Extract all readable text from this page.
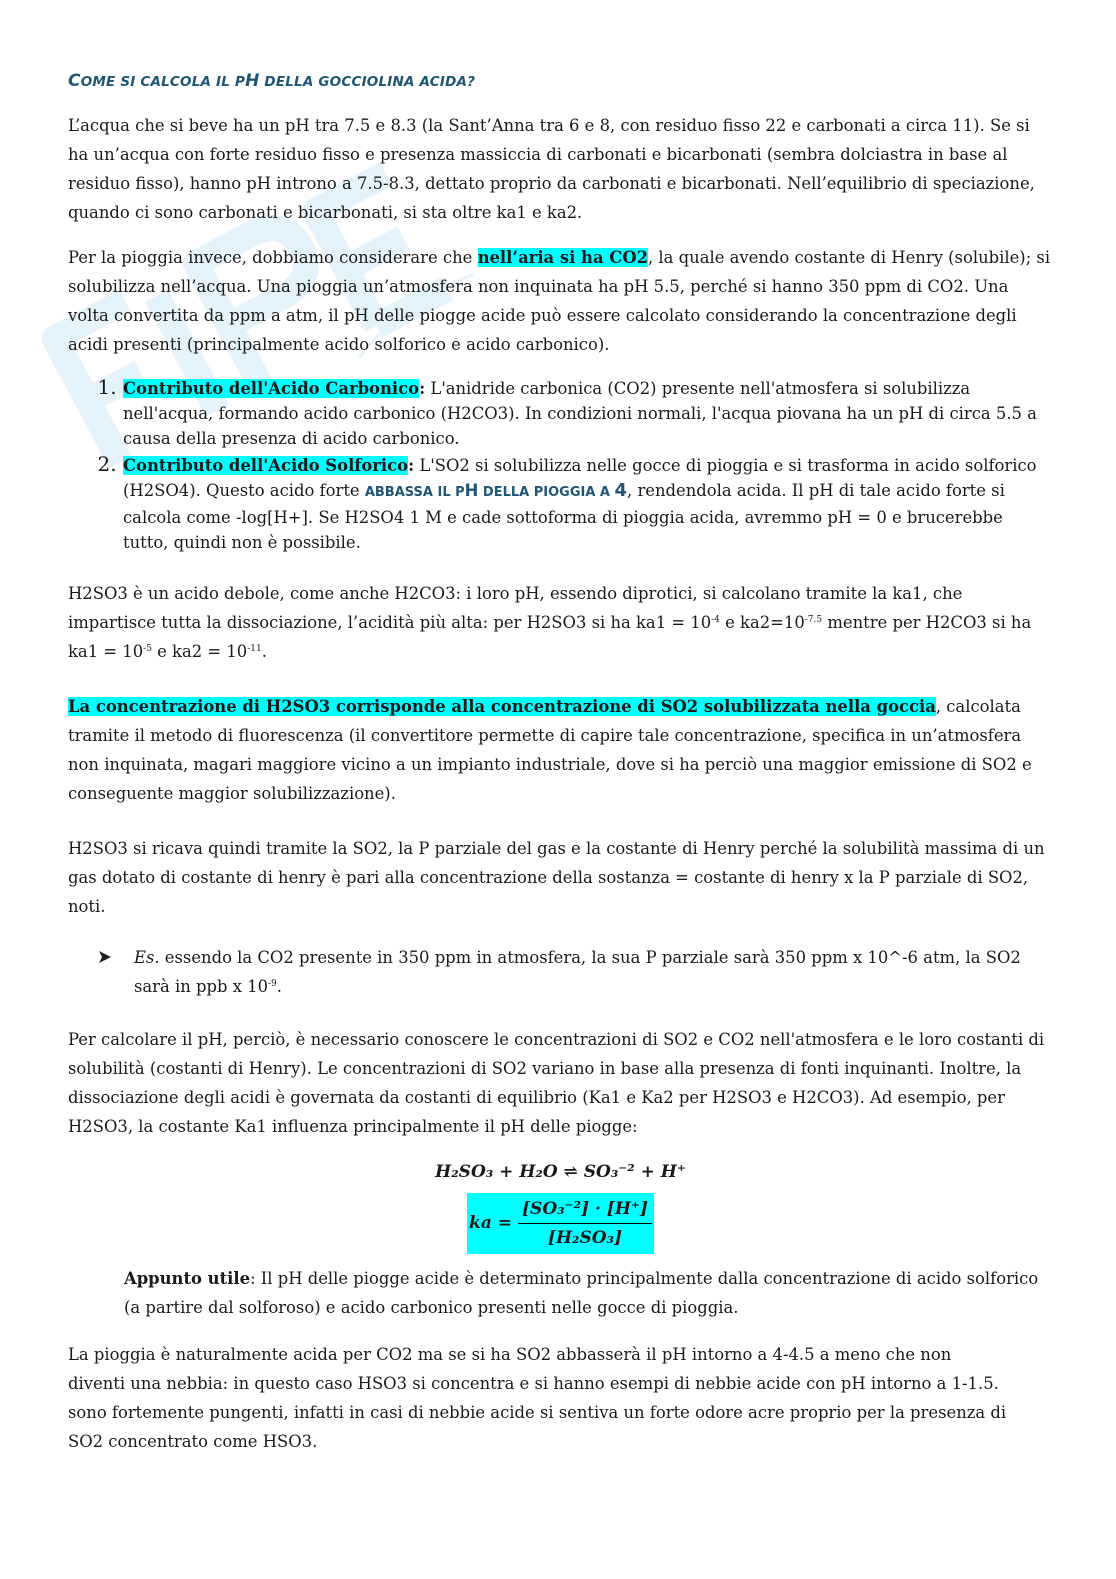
COME SI CALCOLA IL PH DELLA GOCCIOLINA ACIDA?

L’acqua che si beve ha un pH tra 7.5 e 8.3 (la Sant’Anna tra 6 e 8, con residuo fisso 22 e carbonati a circa 11). Se si ha un’acqua con forte residuo fisso e presenza massiccia di carbonati e bicarbonati (sembra dolciastra in base al residuo fisso), hanno pH introno a 7.5-8.3, dettato proprio da carbonati e bicarbonati. Nell’equilibrio di speciazione, quando ci sono carbonati e bicarbonati, si sta oltre ka1 e ka2.

Per la pioggia invece, dobbiamo considerare che nell’aria si ha CO2, la quale avendo costante di Henry (solubile); si solubilizza nell’acqua. Una pioggia un’atmosfera non inquinata ha pH 5.5, perché si hanno 350 ppm di CO2. Una volta convertita da ppm a atm, il pH delle piogge acide può essere calcolato considerando la concentrazione degli acidi presenti (principalmente acido solforico e acido carbonico).

1. Contributo dell'Acido Carbonico: L'anidride carbonica (CO2) presente nell'atmosfera si solubilizza nell'acqua, formando acido carbonico (H2CO3). In condizioni normali, l'acqua piovana ha un pH di circa 5.5 a causa della presenza di acido carbonico.
2. Contributo dell'Acido Solforico: L'SO2 si solubilizza nelle gocce di pioggia e si trasforma in acido solforico (H2SO4). Questo acido forte ABBASSA IL PH DELLA PIOGGIA A 4, rendendola acida. Il pH di tale acido forte si calcola come -log[H+]. Se H2SO4 1 M e cade sottoforma di pioggia acida, avremmo pH = 0 e brucerebbe tutto, quindi non è possibile.

H2SO3 è un acido debole, come anche H2CO3: i loro pH, essendo diprotici, si calcolano tramite la ka1, che impartisce tutta la dissociazione, l’acidità più alta: per H2SO3 si ha $ka1 = 10^{-4}$ e $ka2=10^{-7.5}$ mentre per H2CO3 si ha $ka1 = 10^{-5}$ e $ka2 = 10^{-11}$.

La concentrazione di H2SO3 corrisponde alla concentrazione di SO2 solubilizzata nella goccia, calcolata tramite il metodo di fluorescenza (il convertitore permette di capire tale concentrazione, specifica in un’atmosfera non inquinata, magari maggiore vicino a un impianto industriale, dove si ha perciò una maggior emissione di SO2 e conseguente maggior solubilizzazione).

H2SO3 si ricava quindi tramite la SO2, la P parziale del gas e la costante di Henry perché la solubilità massima di un gas dotato di costante di henry è pari alla concentrazione della sostanza = costante di henry x la P parziale di SO2, noti.

Es. essendo la CO2 presente in 350 ppm in atmosfera, la sua P parziale sarà 350 ppm x 10^-6 atm, la SO2 sarà in ppb x $10^{-9}$.

Per calcolare il pH, perciò, è necessario conoscere le concentrazioni di SO2 e CO2 nell'atmosfera e le loro costanti di solubilità (costanti di Henry). Le concentrazioni di SO2 variano in base alla presenza di fonti inquinanti. Inoltre, la dissociazione degli acidi è governata da costanti di equilibrio (Ka1 e Ka2 per H2SO3 e H2CO3). Ad esempio, per H2SO3, la costante Ka1 influenza principalmente il pH delle piogge:

H₂SO₃ + H₂O ⇌ SO₃⁻² + H⁺

ka = $\frac{\text{[SO₃⁻²] · [H⁺]}}{\text{[H₂SO₃]}}$

Appunto utile: Il pH delle piogge acide è determinato principalmente dalla concentrazione di acido solforico (a partire dal solforoso) e acido carbonico presenti nelle gocce di pioggia.

La pioggia è naturalmente acida per CO2 ma se si ha SO2 abbasserà il pH intorno a 4-4.5 a meno che non
diventi una nebbia: in questo caso HSO3 si concentra e si hanno esempi di nebbie acide con pH intorno a 1-1.5.
sono fortemente pungenti, infatti in casi di nebbie acide si sentiva un forte odore acre proprio per la presenza di
SO2 concentrato come HSO3.
